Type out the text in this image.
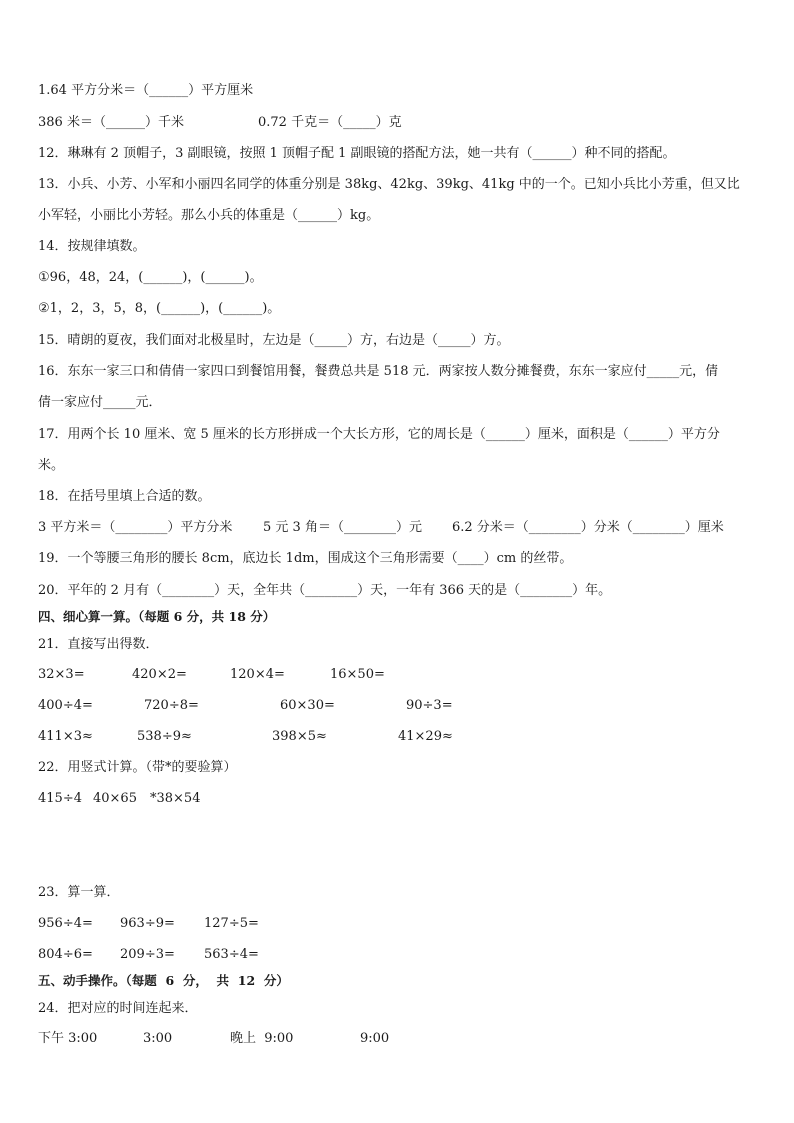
1.64 平方分米＝（______）平方厘米
386 米＝（______）千米	0.72 千克＝（_____）克
12．琳琳有 2 顶帽子，3 副眼镜，按照 1 顶帽子配 1 副眼镜的搭配方法，她一共有（______）种不同的搭配。
13．小兵、小芳、小军和小丽四名同学的体重分别是 38kg、42kg、39kg、41kg 中的一个。已知小兵比小芳重，但又比
小军轻，小丽比小芳轻。那么小兵的体重是（______）kg。
14．按规律填数。
①96，48，24，(______)，(______)。
②1，2，3，5，8，(______)，(______)。
15．晴朗的夏夜，我们面对北极星时，左边是（_____）方，右边是（_____）方。
16．东东一家三口和倩倩一家四口到餐馆用餐，餐费总共是 518 元．两家按人数分摊餐费，东东一家应付_____元，倩
倩一家应付_____元．
17．用两个长 10 厘米、宽 5 厘米的长方形拼成一个大长方形，它的周长是（______）厘米，面积是（______）平方分
米。
18．在括号里填上合适的数。
3 平方米＝（________）平方分米 5 元 3 角＝（________）元 6.2 分米＝（________）分米（________）厘米
19．一个等腰三角形的腰长 8cm，底边长 1dm，围成这个三角形需要（____）cm 的丝带。
20．平年的 2 月有（________）天，全年共（________）天，一年有 366 天的是（________）年。
四、细心算一算。（每题 6 分，共 18 分）
21．直接写出得数．
32×3=	420×2=	120×4=	16×50=
400÷4=	720÷8=	60×30=	90÷3=
411×3≈	538÷9≈	398×5≈	41×29≈
22．用竖式计算。（带*的要验算）
415÷4 40×65 *38×54
23．算一算．
956÷4= 963÷9= 127÷5=
804÷6= 209÷3= 563÷4=
五、动手操作。（每题  6  分，  共  12  分）
24．把对应的时间连起来．
下午 3:00	3:00	晚上  9:00	9:00
